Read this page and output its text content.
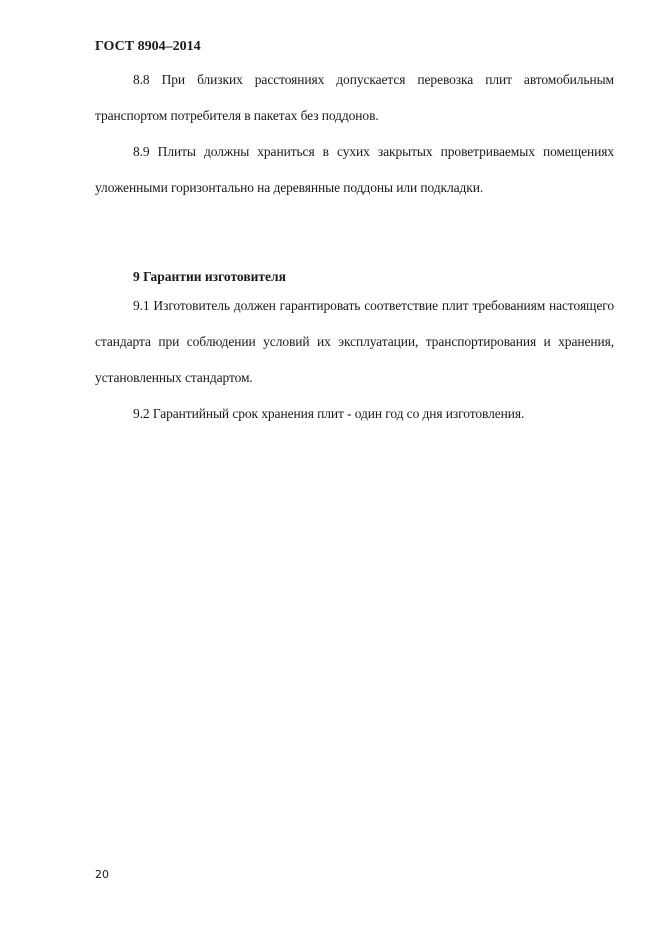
ГОСТ 8904–2014

8.8 При близких расстояниях допускается перевозка плит автомобильным транспортом потребителя в пакетах без поддонов.

8.9 Плиты должны храниться в сухих закрытых проветриваемых помещениях уложенными горизонтально на деревянные поддоны или подкладки.

9 Гарантии изготовителя

9.1 Изготовитель должен гарантировать соответствие плит требованиям настоящего стандарта при соблюдении условий их эксплуатации, транспортирования и хранения, установленных стандартом.

9.2 Гарантийный срок хранения плит - один год со дня изготовления.

20
